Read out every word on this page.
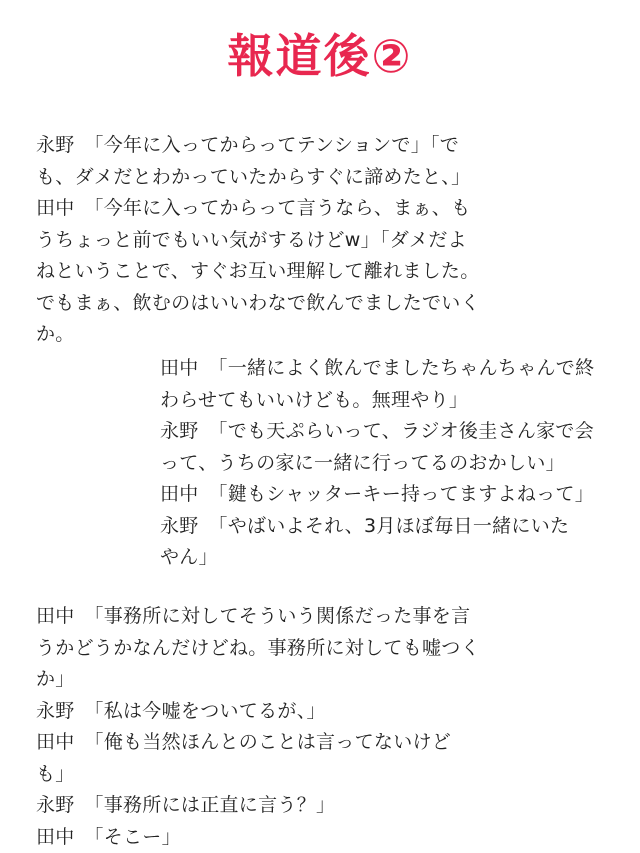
報道後②

永野　「今年に入ってからってテンションで」「で

も、ダメだとわかっていたからすぐに諦めたと、」

田中　「今年に入ってからって言うなら、まぁ、も

うちょっと前でもいい気がするけどw」「ダメだよ

ねということで、すぐお互い理解して離れました。

でもまぁ、飲むのはいいわなで飲んでましたでいく

か。

田中　「一緒によく飲んでましたちゃんちゃんで終

わらせてもいいけども。無理やり」

永野　「でも天ぷらいって、ラジオ後圭さん家で会

って、うちの家に一緒に行ってるのおかしい」

田中　「鍵もシャッターキー持ってますよねって」

永野　「やばいよそれ、3月ほぼ毎日一緒にいた

やん」

田中　「事務所に対してそういう関係だった事を言

うかどうかなんだけどね。事務所に対しても嘘つく

か」

永野　「私は今嘘をついてるが、」

田中　「俺も当然ほんとのことは言ってないけど

も」

永野　「事務所には正直に言う？」

田中　「そこー」
